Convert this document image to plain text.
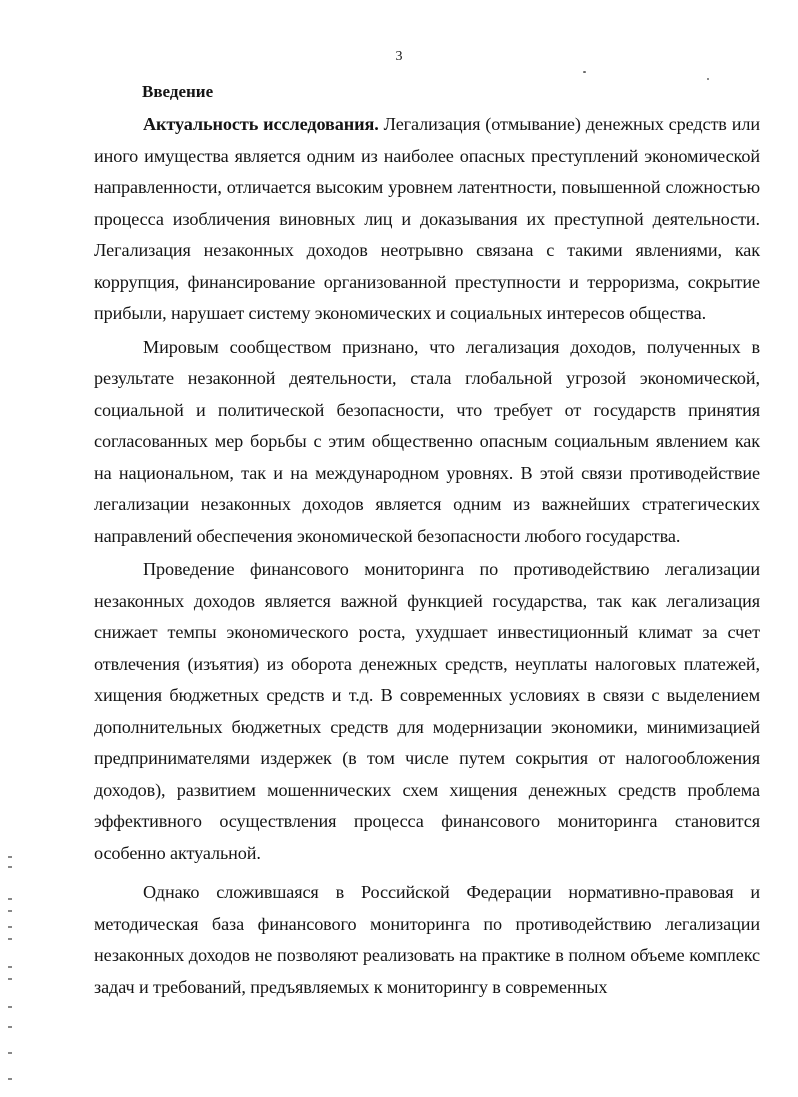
3
Введение

Актуальность исследования. Легализация (отмывание) денежных средств или иного имущества является одним из наиболее опасных преступлений экономической направленности, отличается высоким уровнем латентности, повышенной сложностью процесса изобличения виновных лиц и доказывания их преступной деятельности. Легализация незаконных доходов неотрывно связана с такими явлениями, как коррупция, финансирование организованной преступности и терроризма, сокрытие прибыли, нарушает систему экономических и социальных интересов общества.

Мировым сообществом признано, что легализация доходов, полученных в результате незаконной деятельности, стала глобальной угрозой экономической, социальной и политической безопасности, что требует от государств принятия согласованных мер борьбы с этим общественно опасным социальным явлением как на национальном, так и на международном уровнях. В этой связи противодействие легализации незаконных доходов является одним из важнейших стратегических направлений обеспечения экономической безопасности любого государства.

Проведение финансового мониторинга по противодействию легализации незаконных доходов является важной функцией государства, так как легализация снижает темпы экономического роста, ухудшает инвестиционный климат за счет отвлечения (изъятия) из оборота денежных средств, неуплаты налоговых платежей, хищения бюджетных средств и т.д. В современных условиях в связи с выделением дополнительных бюджетных средств для модернизации экономики, минимизацией предпринимателями издержек (в том числе путем сокрытия от налогообложения доходов), развитием мошеннических схем хищения денежных средств проблема эффективного осуществления процесса финансового мониторинга становится особенно актуальной.

Однако сложившаяся в Российской Федерации нормативно-правовая и методическая база финансового мониторинга по противодействию легализации незаконных доходов не позволяют реализовать на практике в полном объеме комплекс задач и требований, предъявляемых к мониторингу в современных
